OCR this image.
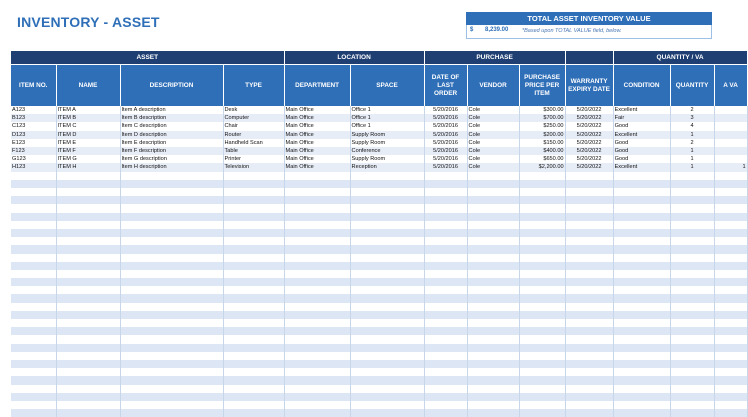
INVENTORY - ASSET	TOTAL ASSET INVENTORY VALUE
$ 8,239.00 *Based upon TOTAL VALUE field, below.
ASSET				LOCATION		PURCHASE				QUANTITY / VA		
ITEM NO.	NAME	DESCRIPTION	TYPE	DEPARTMENT	SPACE	DATE OF LAST ORDER	VENDOR	PURCHASE PRICE PER ITEM	WARRANTY EXPIRY DATE	CONDITION	QUANTITY	A VA
A123	ITEM A	Item A description	Desk	Main Office	Office 1	5/20/2016	Cole	$300.00	5/20/2022	Excellent	2	
B123	ITEM B	Item B description	Computer	Main Office	Office 1	5/20/2016	Cole	$700.00	5/20/2022	Fair	3	
C123	ITEM C	Item C description	Chair	Main Office	Office 1	5/20/2016	Cole	$250.00	5/20/2022	Good	4	
D123	ITEM D	Item D description	Router	Main Office	Supply Room	5/20/2016	Cole	$200.00	5/20/2022	Excellent	1	
E123	ITEM E	Item E description	Handheld Scan	Main Office	Supply Room	5/20/2016	Cole	$150.00	5/20/2022	Good	2	
F123	ITEM F	Item F description	Table	Main Office	Conference	5/20/2016	Cole	$400.00	5/20/2022	Good	1	
G123	ITEM G	Item G description	Printer	Main Office	Supply Room	5/20/2016	Cole	$650.00	5/20/2022	Good	1	
H123	ITEM H	Item H description	Television	Main Office	Reception	5/20/2016	Cole	$2,200.00	5/20/2022	Excellent	1	1
